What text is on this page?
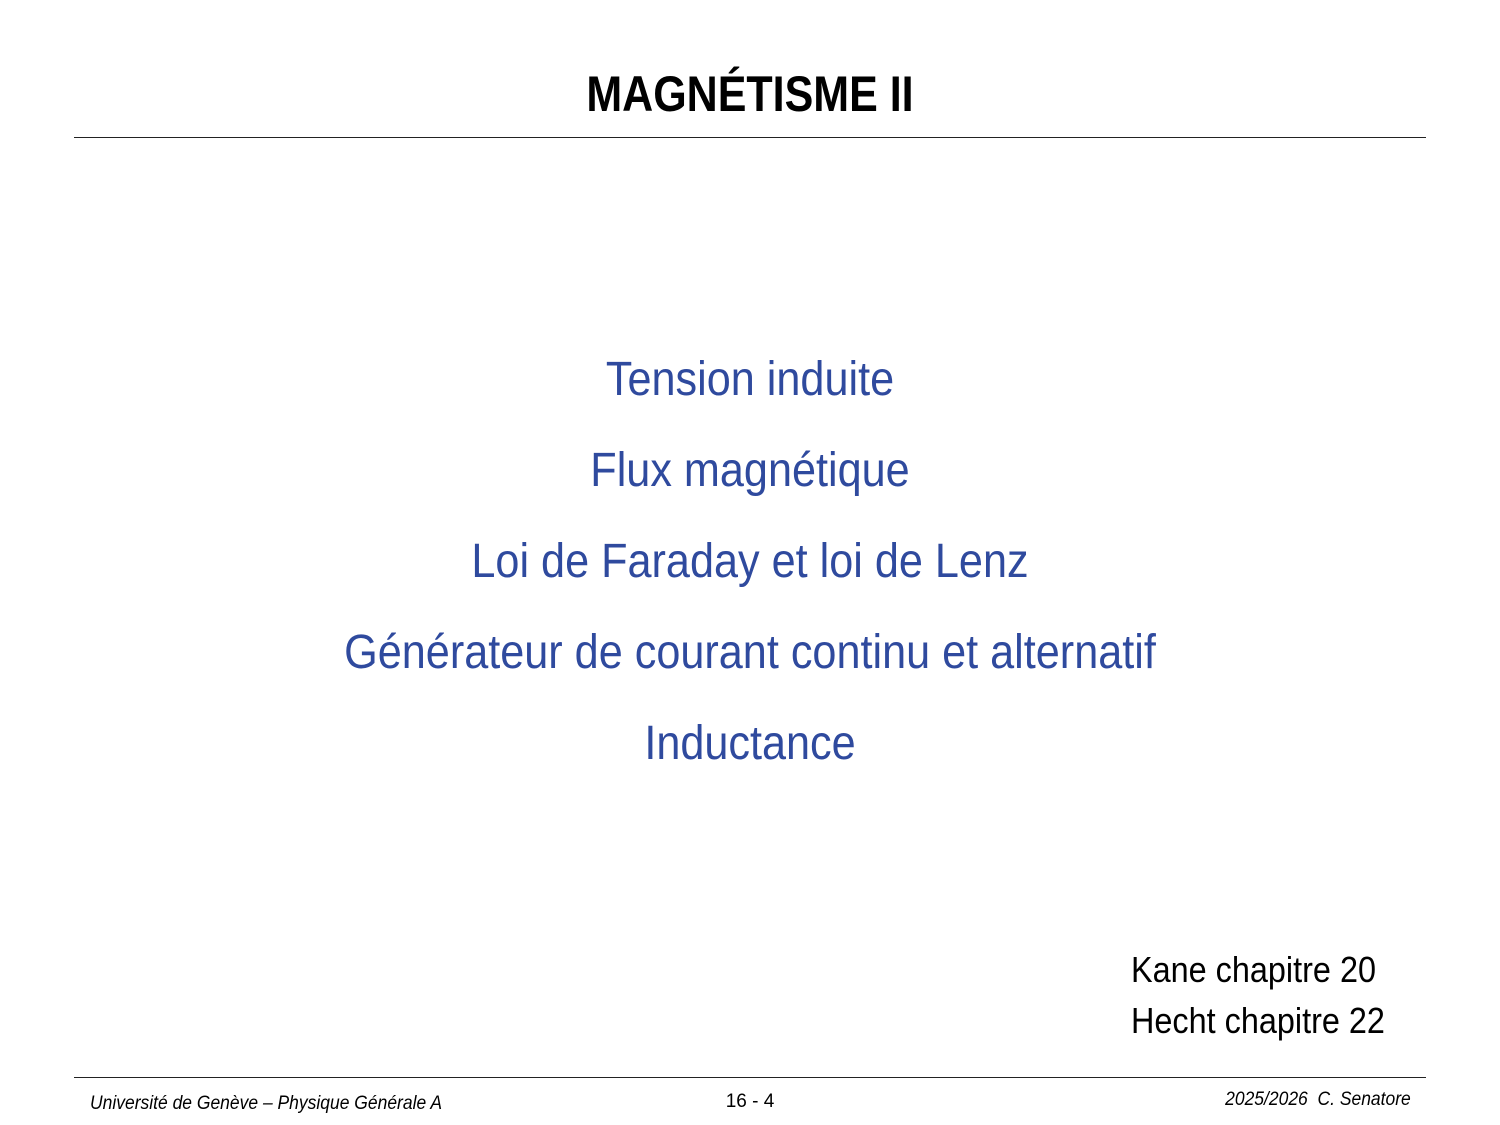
MAGNÉTISME II
Tension induite
Flux magnétique
Loi de Faraday et loi de Lenz
Générateur de courant continu et alternatif
Inductance
Kane chapitre 20
Hecht chapitre 22
Université de Genève – Physique Générale A	16 - 4	2025/2026  C. Senatore
